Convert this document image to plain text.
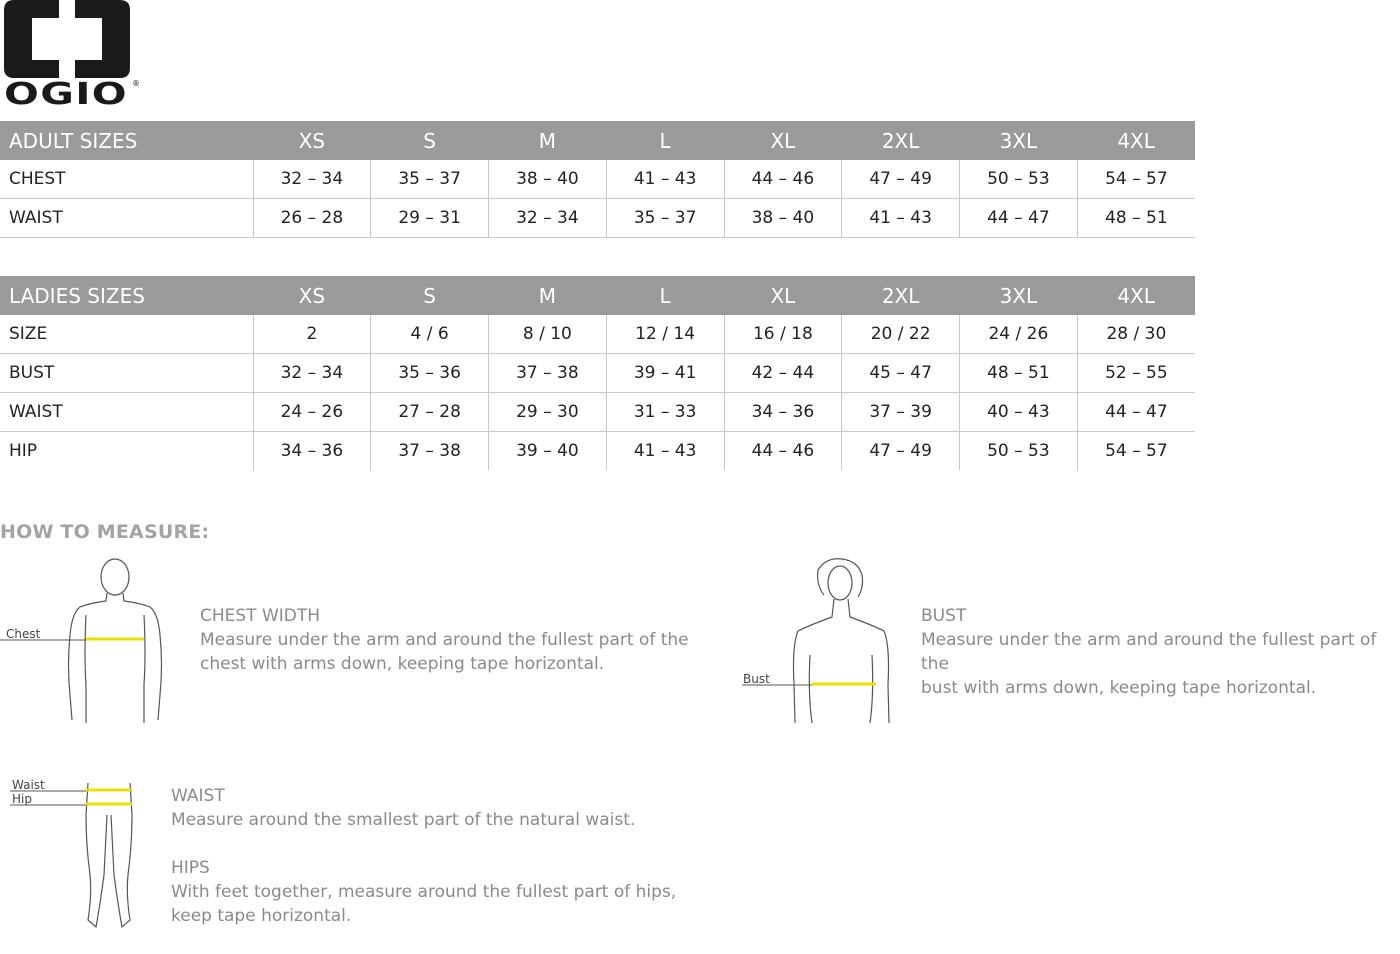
OGIO ®
ADULT SIZES	XS	S	M	L	XL	2XL	3XL	4XL
CHEST	32 – 34	35 – 37	38 – 40	41 – 43	44 – 46	47 – 49	50 – 53	54 – 57
WAIST	26 – 28	29 – 31	32 – 34	35 – 37	38 – 40	41 – 43	44 – 47	48 – 51
LADIES SIZES	XS	S	M	L	XL	2XL	3XL	4XL
SIZE	2	4 / 6	8 / 10	12 / 14	16 / 18	20 / 22	24 / 26	28 / 30
BUST	32 – 34	35 – 36	37 – 38	39 – 41	42 – 44	45 – 47	48 – 51	52 – 55
WAIST	24 – 26	27 – 28	29 – 30	31 – 33	34 – 36	37 – 39	40 – 43	44 – 47
HIP	34 – 36	37 – 38	39 – 40	41 – 43	44 – 46	47 – 49	50 – 53	54 – 57
HOW TO MEASURE:
Chest
CHEST WIDTH
Measure under the arm and around the fullest part of the
chest with arms down, keeping tape horizontal.
Bust
BUST
Measure under the arm and around the fullest part of the
bust with arms down, keeping tape horizontal.
Waist
Hip	WAIST
Measure around the smallest part of the natural waist.
HIPS
With feet together, measure around the fullest part of hips,
keep tape horizontal.
